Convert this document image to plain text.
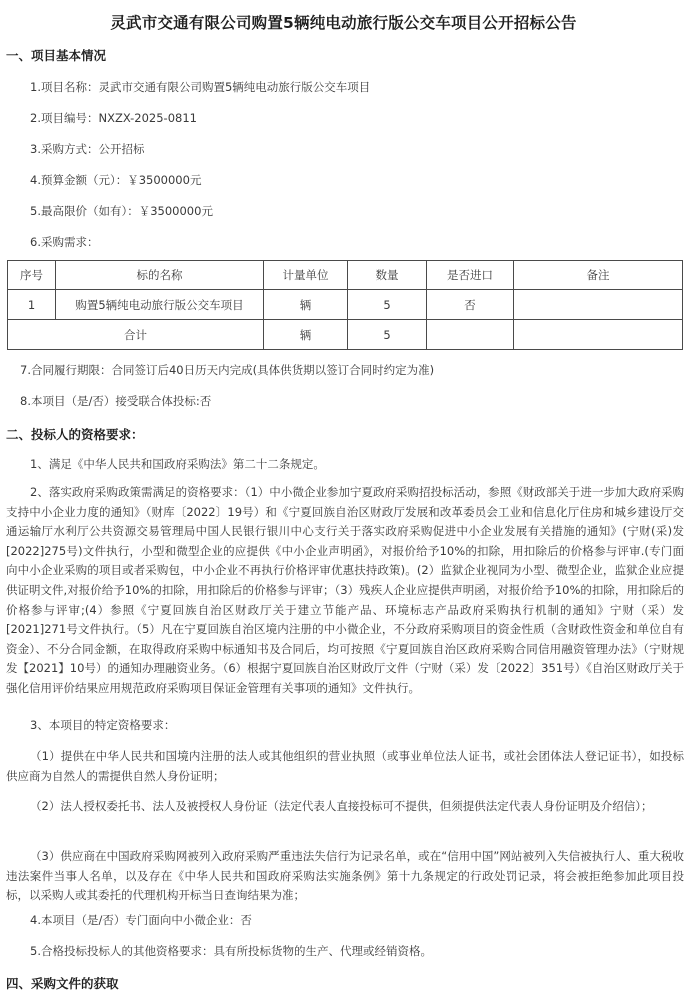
灵武市交通有限公司购置5辆纯电动旅行版公交车项目公开招标公告
一、项目基本情况
1.项目名称：灵武市交通有限公司购置5辆纯电动旅行版公交车项目
2.项目编号：NXZX-2025-0811
3.采购方式：公开招标
4.预算金额（元）：￥3500000元
5.最高限价（如有）：￥3500000元
6.采购需求：
序号	标的名称	计量单位	数量	是否进口	备注
1	购置5辆纯电动旅行版公交车项目	辆	5	否	
合计		辆	5		
7.合同履行期限：合同签订后40日历天内完成(具体供货期以签订合同时约定为准)
8.本项目（是/否）接受联合体投标:否
二、投标人的资格要求：
1、满足《中华人民共和国政府采购法》第二十二条规定。
2、落实政府采购政策需满足的资格要求：（1）中小微企业参加宁夏政府采购招投标活动，参照《财政部关于进一步加大政府采购支持中小企业力度的通知》（财库〔2022〕19号）和《宁夏回族自治区财政厅发展和改革委员会工业和信息化厅住房和城乡建设厅交通运输厅水利厅公共资源交易管理局中国人民银行银川中心支行关于落实政府采购促进中小企业发展有关措施的通知》(宁财(采)发[2022]275号)文件执行，小型和微型企业的应提供《中小企业声明函》，对报价给予10%的扣除，用扣除后的价格参与评审.(专门面向中小企业采购的项目或者采购包，中小企业不再执行价格评审优惠扶持政策)。(2）监狱企业视同为小型、微型企业，监狱企业应提供证明文件,对报价给予10%的扣除，用扣除后的价格参与评审；（3）残疾人企业应提供声明函，对报价给予10%的扣除，用扣除后的价格参与评审;(4）参照《宁夏回族自治区财政厅关于建立节能产品、环境标志产品政府采购执行机制的通知》宁财（采）发[2021]271号文件执行。（5）凡在宁夏回族自治区境内注册的中小微企业，不分政府采购项目的资金性质（含财政性资金和单位自有资金）、不分合同金额，在取得政府采购中标通知书及合同后，均可按照《宁夏回族自治区政府采购合同信用融资管理办法》（宁财规发【2021】10号）的通知办理融资业务。（6）根据宁夏回族自治区财政厅文件（宁财（采）发〔2022〕351号）《自治区财政厅关于强化信用评价结果应用规范政府采购项目保证金管理有关事项的通知》文件执行。
3、本项目的特定资格要求：
（1）提供在中华人民共和国境内注册的法人或其他组织的营业执照（或事业单位法人证书，或社会团体法人登记证书），如投标供应商为自然人的需提供自然人身份证明；
（2）法人授权委托书、法人及被授权人身份证（法定代表人直接投标可不提供，但须提供法定代表人身份证明及介绍信）；
（3）供应商在中国政府采购网被列入政府采购严重违法失信行为记录名单，或在“信用中国”网站被列入失信被执行人、重大税收违法案件当事人名单，以及存在《中华人民共和国政府采购法实施条例》第十九条规定的行政处罚记录，将会被拒绝参加此项目投标，以采购人或其委托的代理机构开标当日查询结果为准；
4.本项目（是/否）专门面向中小微企业：否
5.合格投标投标人的其他资格要求：具有所投标货物的生产、代理或经销资格。
四、采购文件的获取
